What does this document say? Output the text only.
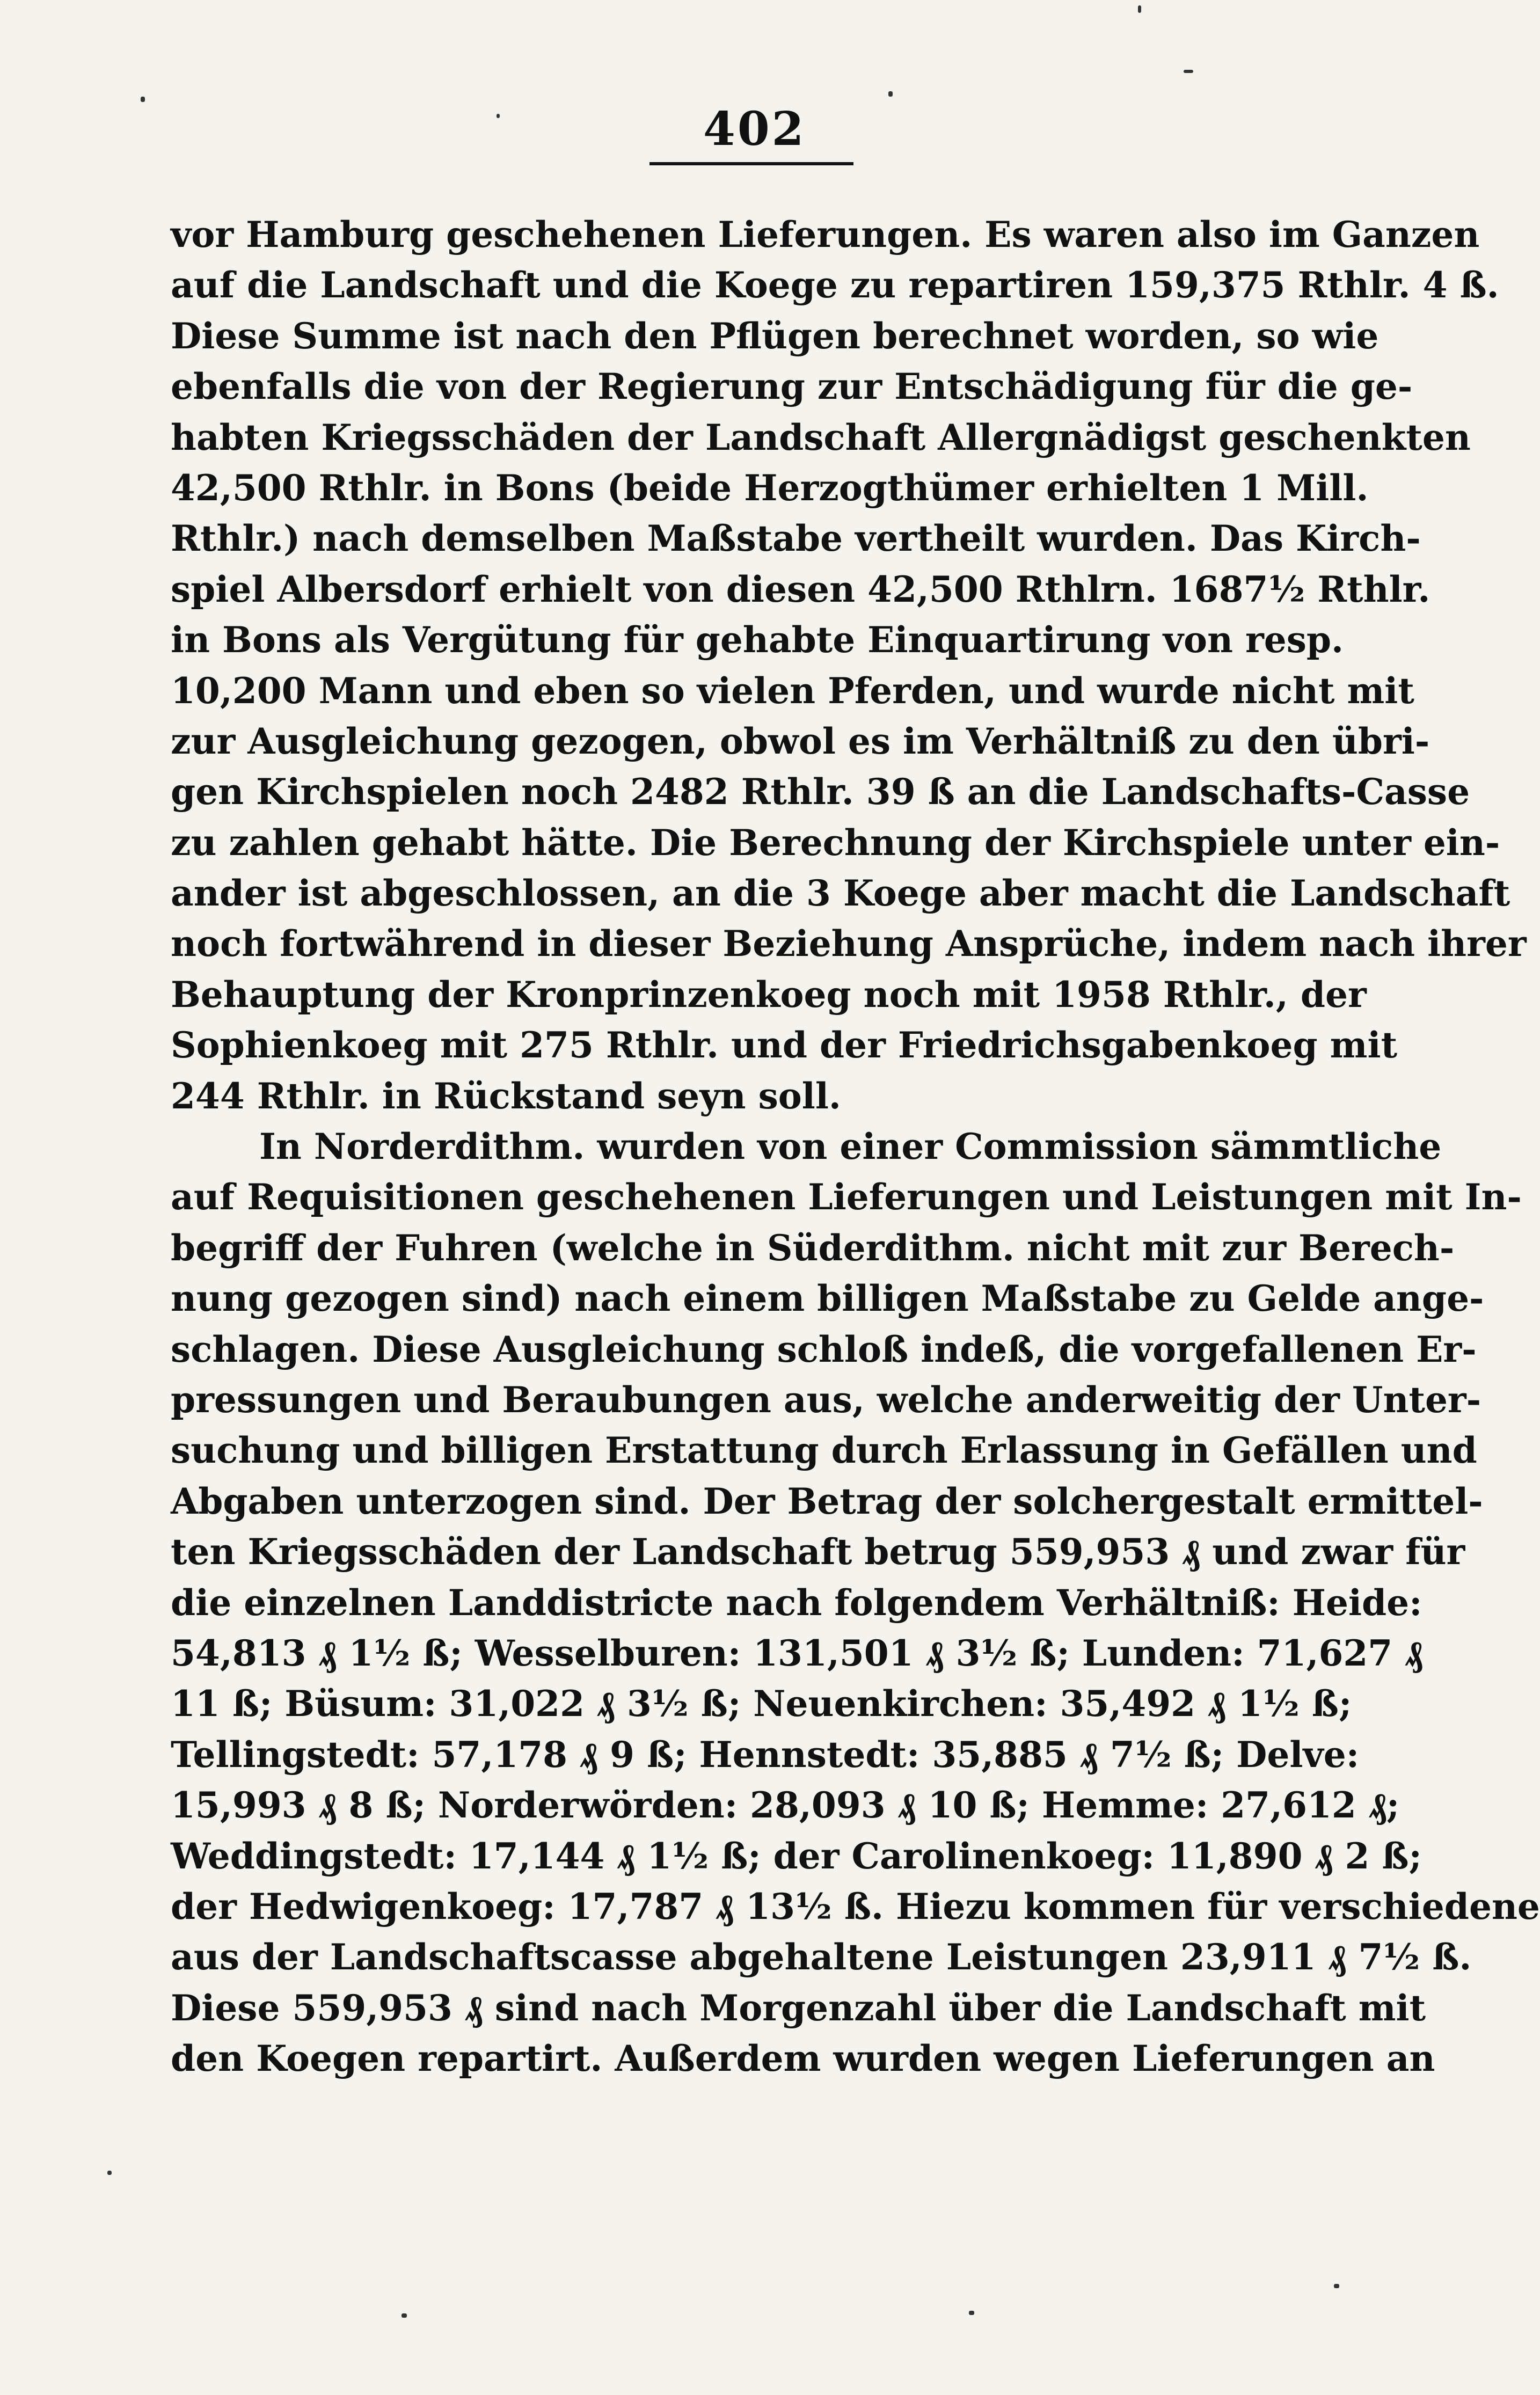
402
vor Hamburg geschehenen Lieferungen. Es waren also im Ganzen
auf die Landschaft und die Koege zu repartiren 159,375 Rthlr. 4 ß.
Diese Summe ist nach den Pflügen berechnet worden, so wie
ebenfalls die von der Regierung zur Entschädigung für die ge-
habten Kriegsschäden der Landschaft Allergnädigst geschenkten
42,500 Rthlr. in Bons (beide Herzogthümer erhielten 1 Mill.
Rthlr.) nach demselben Maßstabe vertheilt wurden. Das Kirch-
spiel Albersdorf erhielt von diesen 42,500 Rthlrn. 1687½ Rthlr.
in Bons als Vergütung für gehabte Einquartirung von resp.
10,200 Mann und eben so vielen Pferden, und wurde nicht mit
zur Ausgleichung gezogen, obwol es im Verhältniß zu den übri-
gen Kirchspielen noch 2482 Rthlr. 39 ß an die Landschafts-Casse
zu zahlen gehabt hätte. Die Berechnung der Kirchspiele unter ein-
ander ist abgeschlossen, an die 3 Koege aber macht die Landschaft
noch fortwährend in dieser Beziehung Ansprüche, indem nach ihrer
Behauptung der Kronprinzenkoeg noch mit 1958 Rthlr., der
Sophienkoeg mit 275 Rthlr. und der Friedrichsgabenkoeg mit
244 Rthlr. in Rückstand seyn soll.
In Norderdithm. wurden von einer Commission sämmtliche
auf Requisitionen geschehenen Lieferungen und Leistungen mit In-
begriff der Fuhren (welche in Süderdithm. nicht mit zur Berech-
nung gezogen sind) nach einem billigen Maßstabe zu Gelde ange-
schlagen. Diese Ausgleichung schloß indeß, die vorgefallenen Er-
pressungen und Beraubungen aus, welche anderweitig der Unter-
suchung und billigen Erstattung durch Erlassung in Gefällen und
Abgaben unterzogen sind. Der Betrag der solchergestalt ermittel-
ten Kriegsschäden der Landschaft betrug 559,953 ₰ und zwar für
die einzelnen Landdistricte nach folgendem Verhältniß: Heide:
54,813 ₰ 1½ ß; Wesselburen: 131,501 ₰ 3½ ß; Lunden: 71,627 ₰
11 ß; Büsum: 31,022 ₰ 3½ ß; Neuenkirchen: 35,492 ₰ 1½ ß;
Tellingstedt: 57,178 ₰ 9 ß; Hennstedt: 35,885 ₰ 7½ ß; Delve:
15,993 ₰ 8 ß; Norderwörden: 28,093 ₰ 10 ß; Hemme: 27,612 ₰;
Weddingstedt: 17,144 ₰ 1½ ß; der Carolinenkoeg: 11,890 ₰ 2 ß;
der Hedwigenkoeg: 17,787 ₰ 13½ ß. Hiezu kommen für verschiedene
aus der Landschaftscasse abgehaltene Leistungen 23,911 ₰ 7½ ß.
Diese 559,953 ₰ sind nach Morgenzahl über die Landschaft mit
den Koegen repartirt. Außerdem wurden wegen Lieferungen an
